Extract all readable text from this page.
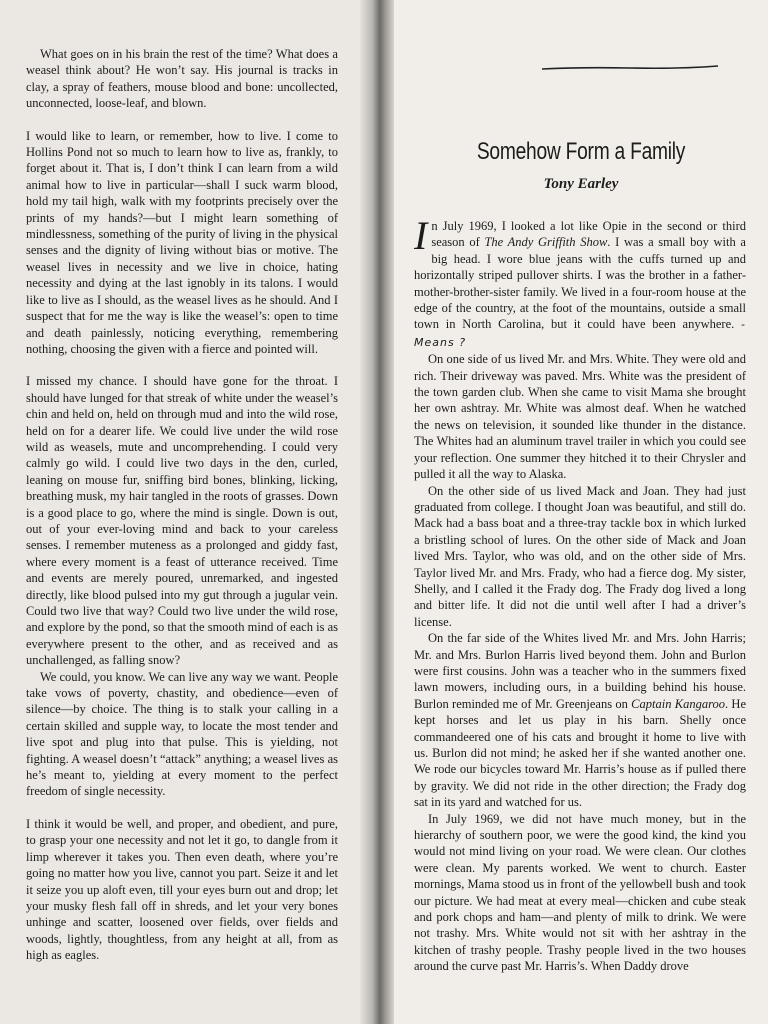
What goes on in his brain the rest of the time? What does a weasel think about? He won’t say. His journal is tracks in clay, a spray of feathers, mouse blood and bone: uncollected, unconnected, loose-leaf, and blown.

I would like to learn, or remember, how to live. I come to Hollins Pond not so much to learn how to live as, frankly, to forget about it. That is, I don’t think I can learn from a wild animal how to live in particular—shall I suck warm blood, hold my tail high, walk with my footprints precisely over the prints of my hands?—but I might learn something of mindlessness, something of the purity of living in the physical senses and the dignity of living without bias or motive. The weasel lives in necessity and we live in choice, hating necessity and dying at the last ignobly in its talons. I would like to live as I should, as the weasel lives as he should. And I suspect that for me the way is like the weasel’s: open to time and death painlessly, noticing everything, remembering nothing, choosing the given with a fierce and pointed will.

I missed my chance. I should have gone for the throat. I should have lunged for that streak of white under the weasel’s chin and held on, held on through mud and into the wild rose, held on for a dearer life. We could live under the wild rose wild as weasels, mute and uncomprehending. I could very calmly go wild. I could live two days in the den, curled, leaning on mouse fur, sniffing bird bones, blinking, licking, breathing musk, my hair tangled in the roots of grasses. Down is a good place to go, where the mind is single. Down is out, out of your ever-loving mind and back to your careless senses. I remember muteness as a prolonged and giddy fast, where every moment is a feast of utterance received. Time and events are merely poured, unremarked, and ingested directly, like blood pulsed into my gut through a jugular vein. Could two live that way? Could two live under the wild rose, and explore by the pond, so that the smooth mind of each is as everywhere present to the other, and as received and as unchallenged, as falling snow?

We could, you know. We can live any way we want. People take vows of poverty, chastity, and obedience—even of silence—by choice. The thing is to stalk your calling in a certain skilled and supple way, to locate the most tender and live spot and plug into that pulse. This is yielding, not fighting. A weasel doesn’t “attack” anything; a weasel lives as he’s meant to, yielding at every moment to the perfect freedom of single necessity.

I think it would be well, and proper, and obedient, and pure, to grasp your one necessity and not let it go, to dangle from it limp wherever it takes you. Then even death, where you’re going no matter how you live, cannot you part. Seize it and let it seize you up aloft even, till your eyes burn out and drop; let your musky flesh fall off in shreds, and let your very bones unhinge and scatter, loosened over fields, over fields and woods, lightly, thoughtless, from any height at all, from as high as eagles.

Somehow Form a Family
Tony Earley

In July 1969, I looked a lot like Opie in the second or third season of The Andy Griffith Show. I was a small boy with a big head. I wore blue jeans with the cuffs turned up and horizontally striped pullover shirts. I was the brother in a father-mother-brother-sister family. We lived in a four-room house at the edge of the country, at the foot of the mountains, outside a small town in North Carolina, but it could have been anywhere. - Means ?

On one side of us lived Mr. and Mrs. White. They were old and rich. Their driveway was paved. Mrs. White was the president of the town garden club. When she came to visit Mama she brought her own ashtray. Mr. White was almost deaf. When he watched the news on television, it sounded like thunder in the distance. The Whites had an aluminum travel trailer in which you could see your reflection. One summer they hitched it to their Chrysler and pulled it all the way to Alaska.

On the other side of us lived Mack and Joan. They had just graduated from college. I thought Joan was beautiful, and still do. Mack had a bass boat and a three-tray tackle box in which lurked a bristling school of lures. On the other side of Mack and Joan lived Mrs. Taylor, who was old, and on the other side of Mrs. Taylor lived Mr. and Mrs. Frady, who had a fierce dog. My sister, Shelly, and I called it the Frady dog. The Frady dog lived a long and bitter life. It did not die until well after I had a driver’s license.

On the far side of the Whites lived Mr. and Mrs. John Harris; Mr. and Mrs. Burlon Harris lived beyond them. John and Burlon were first cousins. John was a teacher who in the summers fixed lawn mowers, including ours, in a building behind his house. Burlon reminded me of Mr. Greenjeans on Captain Kangaroo. He kept horses and let us play in his barn. Shelly once commandeered one of his cats and brought it home to live with us. Burlon did not mind; he asked her if she wanted another one. We rode our bicycles toward Mr. Harris’s house as if pulled there by gravity. We did not ride in the other direction; the Frady dog sat in its yard and watched for us.

In July 1969, we did not have much money, but in the hierarchy of southern poor, we were the good kind, the kind you would not mind living on your road. We were clean. Our clothes were clean. My parents worked. We went to church. Easter mornings, Mama stood us in front of the yellowbell bush and took our picture. We had meat at every meal—chicken and cube steak and pork chops and ham—and plenty of milk to drink. We were not trashy. Mrs. White would not sit with her ashtray in the kitchen of trashy people. Trashy people lived in the two houses around the curve past Mr. Harris’s. When Daddy drove
